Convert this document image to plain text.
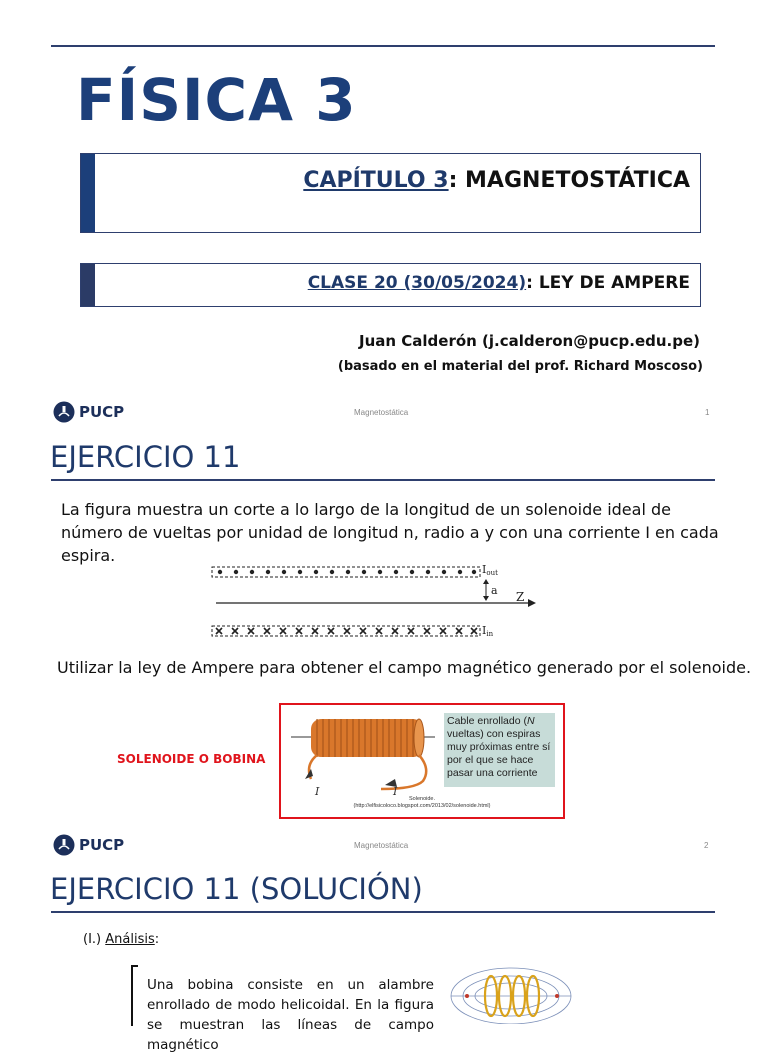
FÍSICA 3
CAPÍTULO 3: MAGNETOSTÁTICA
CLASE 20 (30/05/2024): LEY DE AMPERE
Juan Calderón (j.calderon@pucp.edu.pe)
(basado en el material del prof. Richard Moscoso)
PUCP	Magnetostática	1
EJERCICIO 11
La figura muestra un corte a lo largo de la longitud de un solenoide ideal de número de vueltas por unidad de longitud n, radio a y con una corriente I en cada espira.
Iout
a Z
Iin
Utilizar la ley de Ampere para obtener el campo magnético generado por el solenoide.
SOLENOIDE O BOBINA
I	I
Cable enrollado (N vueltas) con espiras muy próximas entre sí por el que se hace pasar una corriente
Solenoide.
(http://elfisicoloco.blogspot.com/2013/02/solenoide.html)
PUCP	Magnetostática	2
EJERCICIO 11 (SOLUCIÓN)
(I.) Análisis:
Una bobina consiste en un alambre enrollado de modo helicoidal. En la figura se muestran las líneas de campo magnético
